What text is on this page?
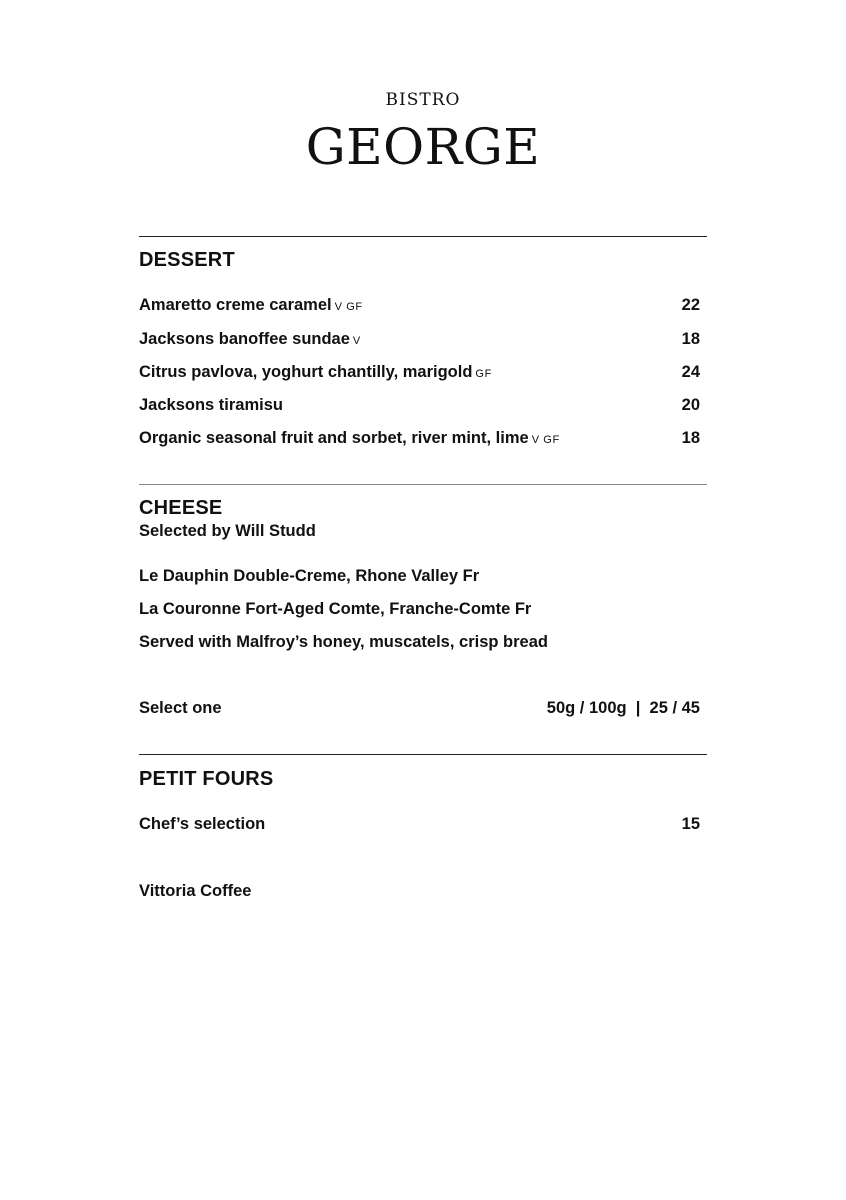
BISTRO
GEORGE
DESSERT
Amaretto creme caramel V GF	22
Jacksons banoffee sundae V	18
Citrus pavlova, yoghurt chantilly, marigold GF	24
Jacksons tiramisu	20
Organic seasonal fruit and sorbet, river mint, lime V GF	18
CHEESE
Selected by Will Studd
Le Dauphin Double-Creme, Rhone Valley Fr
La Couronne Fort-Aged Comte, Franche-Comte Fr
Served with Malfroy’s honey, muscatels, crisp bread
Select one	50g / 100g  |  25 / 45
PETIT FOURS
Chef’s selection	15
Vittoria Coffee
